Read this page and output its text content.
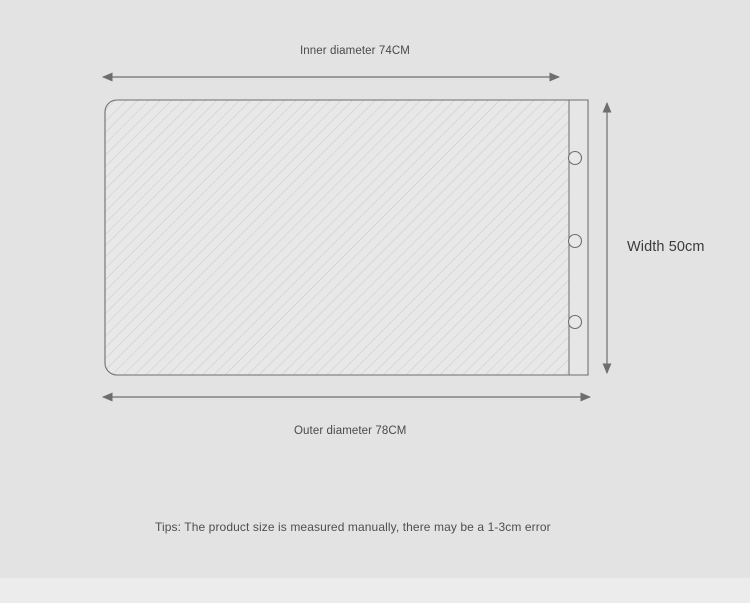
Inner diameter 74CM
Outer diameter 78CM
Width 50cm
Tips: The product size is measured manually, there may be a 1-3cm error
